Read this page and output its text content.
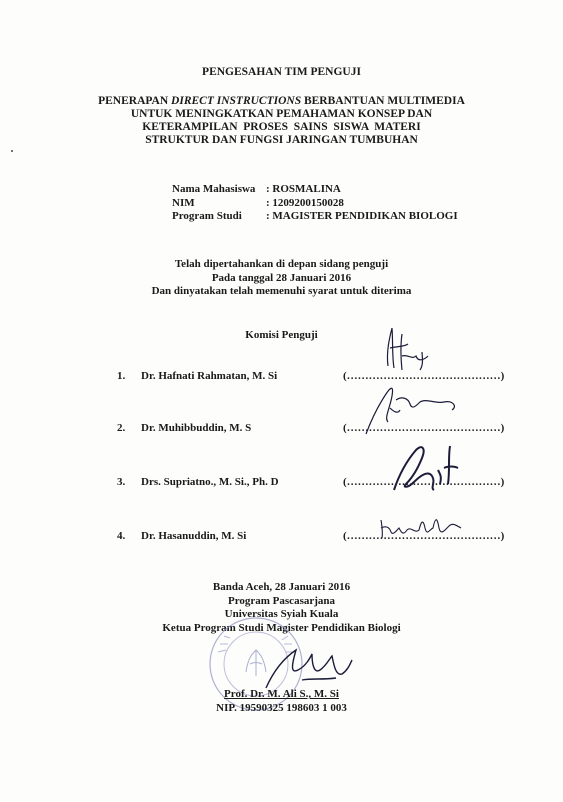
PENGESAHAN TIM PENGUJI
PENERAPAN DIRECT INSTRUCTIONS BERBANTUAN MULTIMEDIA
UNTUK MENINGKATKAN PEMAHAMAN KONSEP DAN
KETERAMPILAN  PROSES  SAINS  SISWA  MATERI
STRUKTUR DAN FUNGSI JARINGAN TUMBUHAN
Nama Mahasiswa : ROSMALINA
NIM	: 1209200150028
Program Studi	: MAGISTER PENDIDIKAN BIOLOGI
Telah dipertahankan di depan sidang penguji
Pada tanggal 28 Januari 2016
Dan dinyatakan telah memenuhi syarat untuk diterima
Komisi Penguji
1. Dr. Hafnati Rahmatan, M. Si	(……………………………………)
2. Dr. Muhibbuddin, M. S	(……………………………………)
3. Drs. Supriatno., M. Si., Ph. D	(……………………………………)
4. Dr. Hasanuddin, M. Si	(……………………………………)
Banda Aceh, 28 Januari 2016
Program Pascasarjana
Universitas Syiah Kuala
Ketua Program Studi Magister Pendidikan Biologi
Prof. Dr. M. Ali S., M. Si
NIP. 19590325 198603 1 003
